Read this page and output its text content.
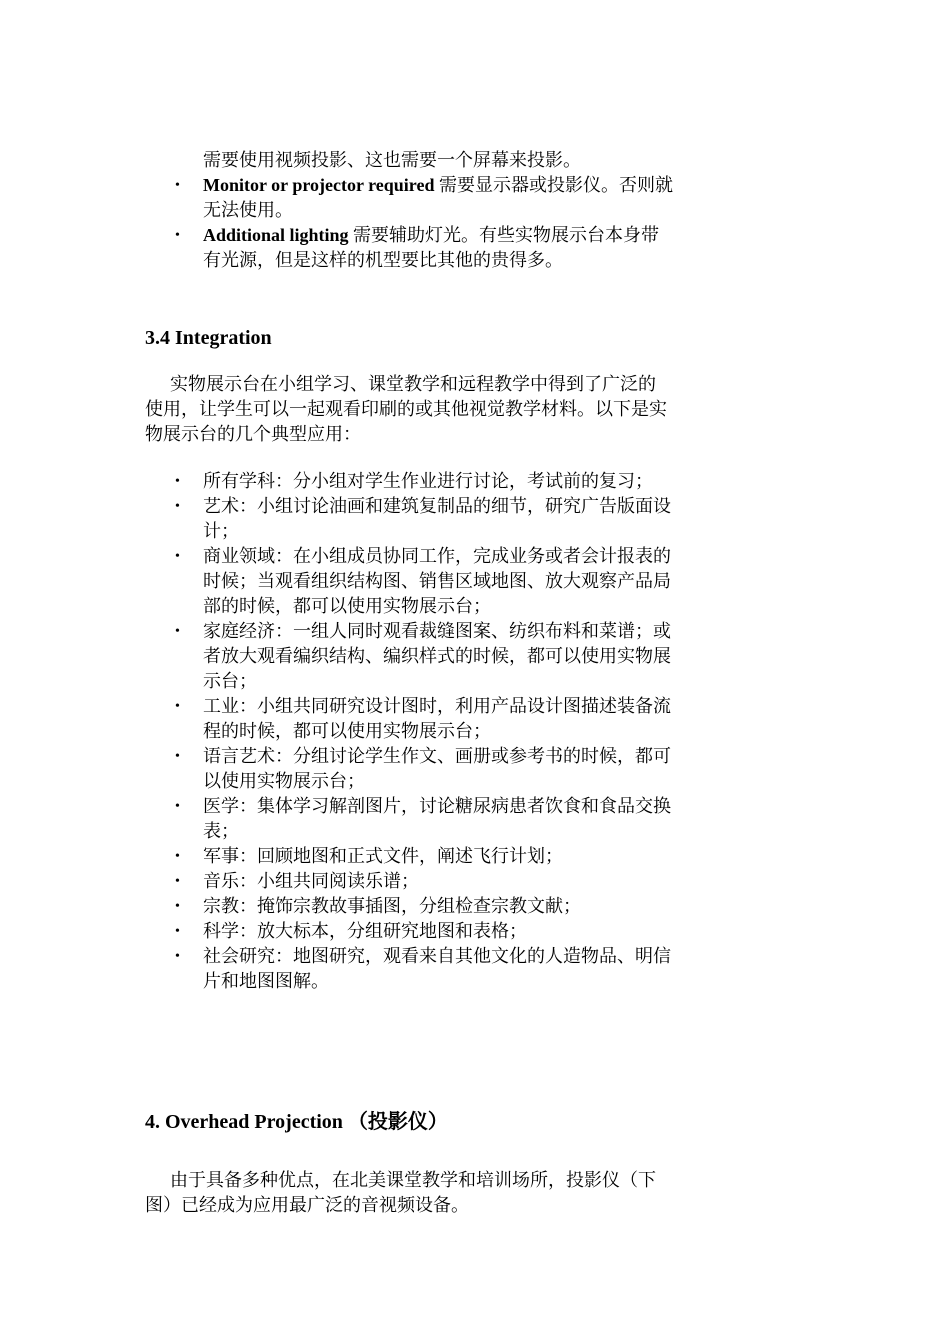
需要使用视频投影、这也需要一个屏幕来投影。
• Monitor or projector required 需要显示器或投影仪。否则就无法使用。
• Additional lighting 需要辅助灯光。有些实物展示台本身带有光源，但是这样的机型要比其他的贵得多。
3.4 Integration

实物展示台在小组学习、课堂教学和远程教学中得到了广泛的使用，让学生可以一起观看印刷的或其他视觉教学材料。以下是实物展示台的几个典型应用：

• 所有学科：分小组对学生作业进行讨论，考试前的复习；
• 艺术：小组讨论油画和建筑复制品的细节，研究广告版面设计；
• 商业领域：在小组成员协同工作，完成业务或者会计报表的时候；当观看组织结构图、销售区域地图、放大观察产品局部的时候，都可以使用实物展示台；
• 家庭经济：一组人同时观看裁缝图案、纺织布料和菜谱；或者放大观看编织结构、编织样式的时候，都可以使用实物展示台；
• 工业：小组共同研究设计图时，利用产品设计图描述装备流程的时候，都可以使用实物展示台；
• 语言艺术：分组讨论学生作文、画册或参考书的时候，都可以使用实物展示台；
• 医学：集体学习解剖图片，讨论糖尿病患者饮食和食品交换表；
• 军事：回顾地图和正式文件，阐述飞行计划；
• 音乐：小组共同阅读乐谱；
• 宗教：掩饰宗教故事插图，分组检查宗教文献；
• 科学：放大标本，分组研究地图和表格；
• 社会研究：地图研究，观看来自其他文化的人造物品、明信片和地图图解。
4. Overhead Projection （投影仪）

由于具备多种优点，在北美课堂教学和培训场所，投影仪（下图）已经成为应用最广泛的音视频设备。
